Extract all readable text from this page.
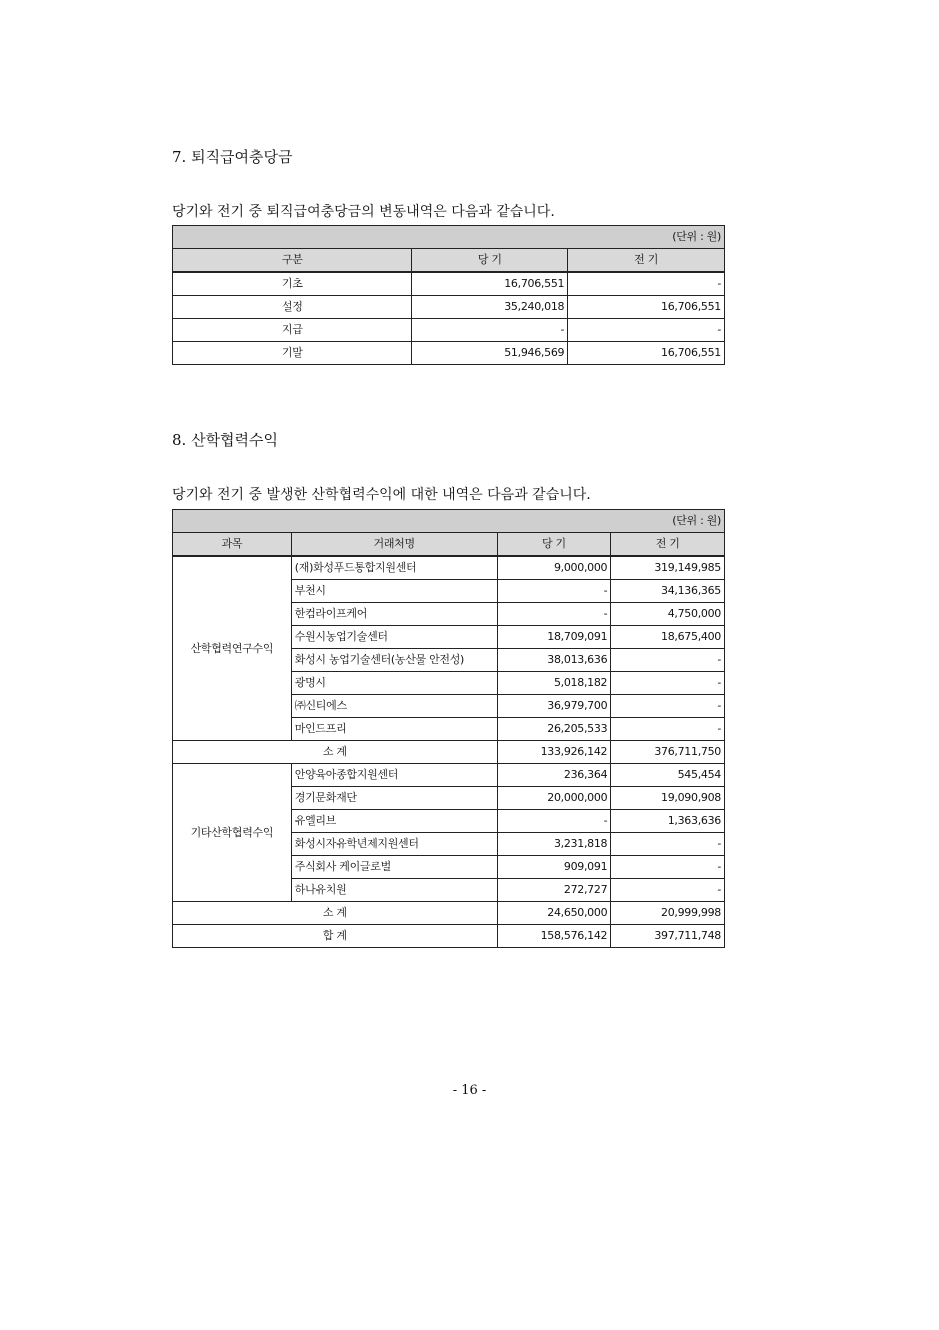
7. 퇴직급여충당금
당기와 전기 중 퇴직급여충당금의 변동내역은 다음과 같습니다.
(단위 : 원)		
구분	당 기	전 기
기초	16,706,551	-
설정	35,240,018	16,706,551
지급	-	-
기말	51,946,569	16,706,551
8. 산학협력수익
당기와 전기 중 발생한 산학협력수익에 대한 내역은 다음과 같습니다.
(단위 : 원)			
과목	거래처명	당 기	전 기
산학협력연구수익	(재)화성푸드통합지원센터	9,000,000	319,149,985
	부천시	-	34,136,365
	한컴라이프케어	-	4,750,000
	수원시농업기술센터	18,709,091	18,675,400
	화성시 농업기술센터(농산물 안전성)	38,013,636	-
	광명시	5,018,182	-
	㈜신티에스	36,979,700	-
	마인드프리	26,205,533	-
소 계		133,926,142	376,711,750
기타산학협력수익	안양육아종합지원센터	236,364	545,454
	경기문화재단	20,000,000	19,090,908
	유엘리브	-	1,363,636
	화성시자유학년제지원센터	3,231,818	-
	주식회사 케이글로벌	909,091	-
	하나유치원	272,727	-
소 계		24,650,000	20,999,998
합 계		158,576,142	397,711,748
- 16 -
